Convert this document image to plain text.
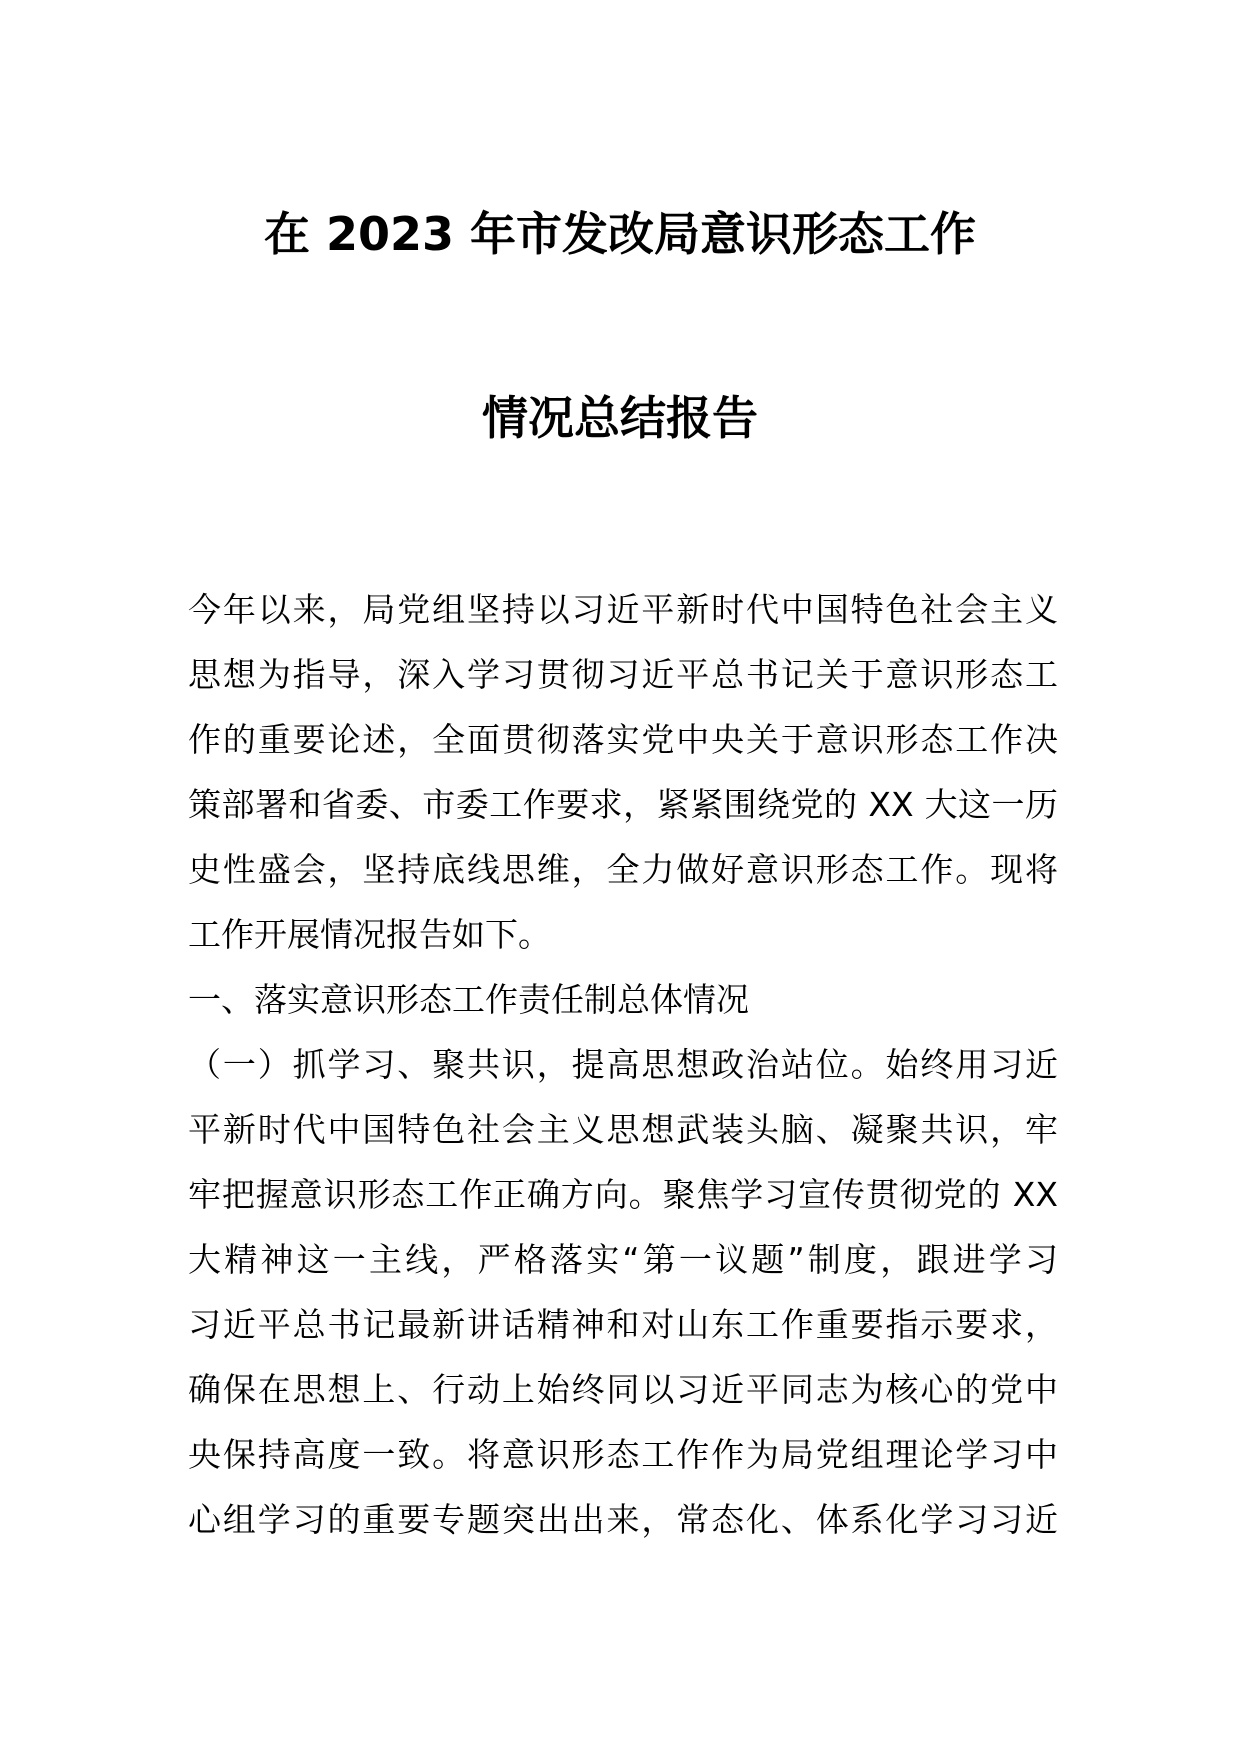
在 2023 年市发改局意识形态工作
情况总结报告
今年以来，局党组坚持以习近平新时代中国特色社会主义
思想为指导，深入学习贯彻习近平总书记关于意识形态工
作的重要论述，全面贯彻落实党中央关于意识形态工作决
策部署和省委、市委工作要求，紧紧围绕党的 XX 大这一历
史性盛会，坚持底线思维，全力做好意识形态工作。现将
工作开展情况报告如下。
一、落实意识形态工作责任制总体情况
（一）抓学习、聚共识，提高思想政治站位。始终用习近
平新时代中国特色社会主义思想武装头脑、凝聚共识，牢
牢把握意识形态工作正确方向。聚焦学习宣传贯彻党的 XX
大精神这一主线，严格落实“第一议题”制度，跟进学习
习近平总书记最新讲话精神和对山东工作重要指示要求，
确保在思想上、行动上始终同以习近平同志为核心的党中
央保持高度一致。将意识形态工作作为局党组理论学习中
心组学习的重要专题突出出来，常态化、体系化学习习近
